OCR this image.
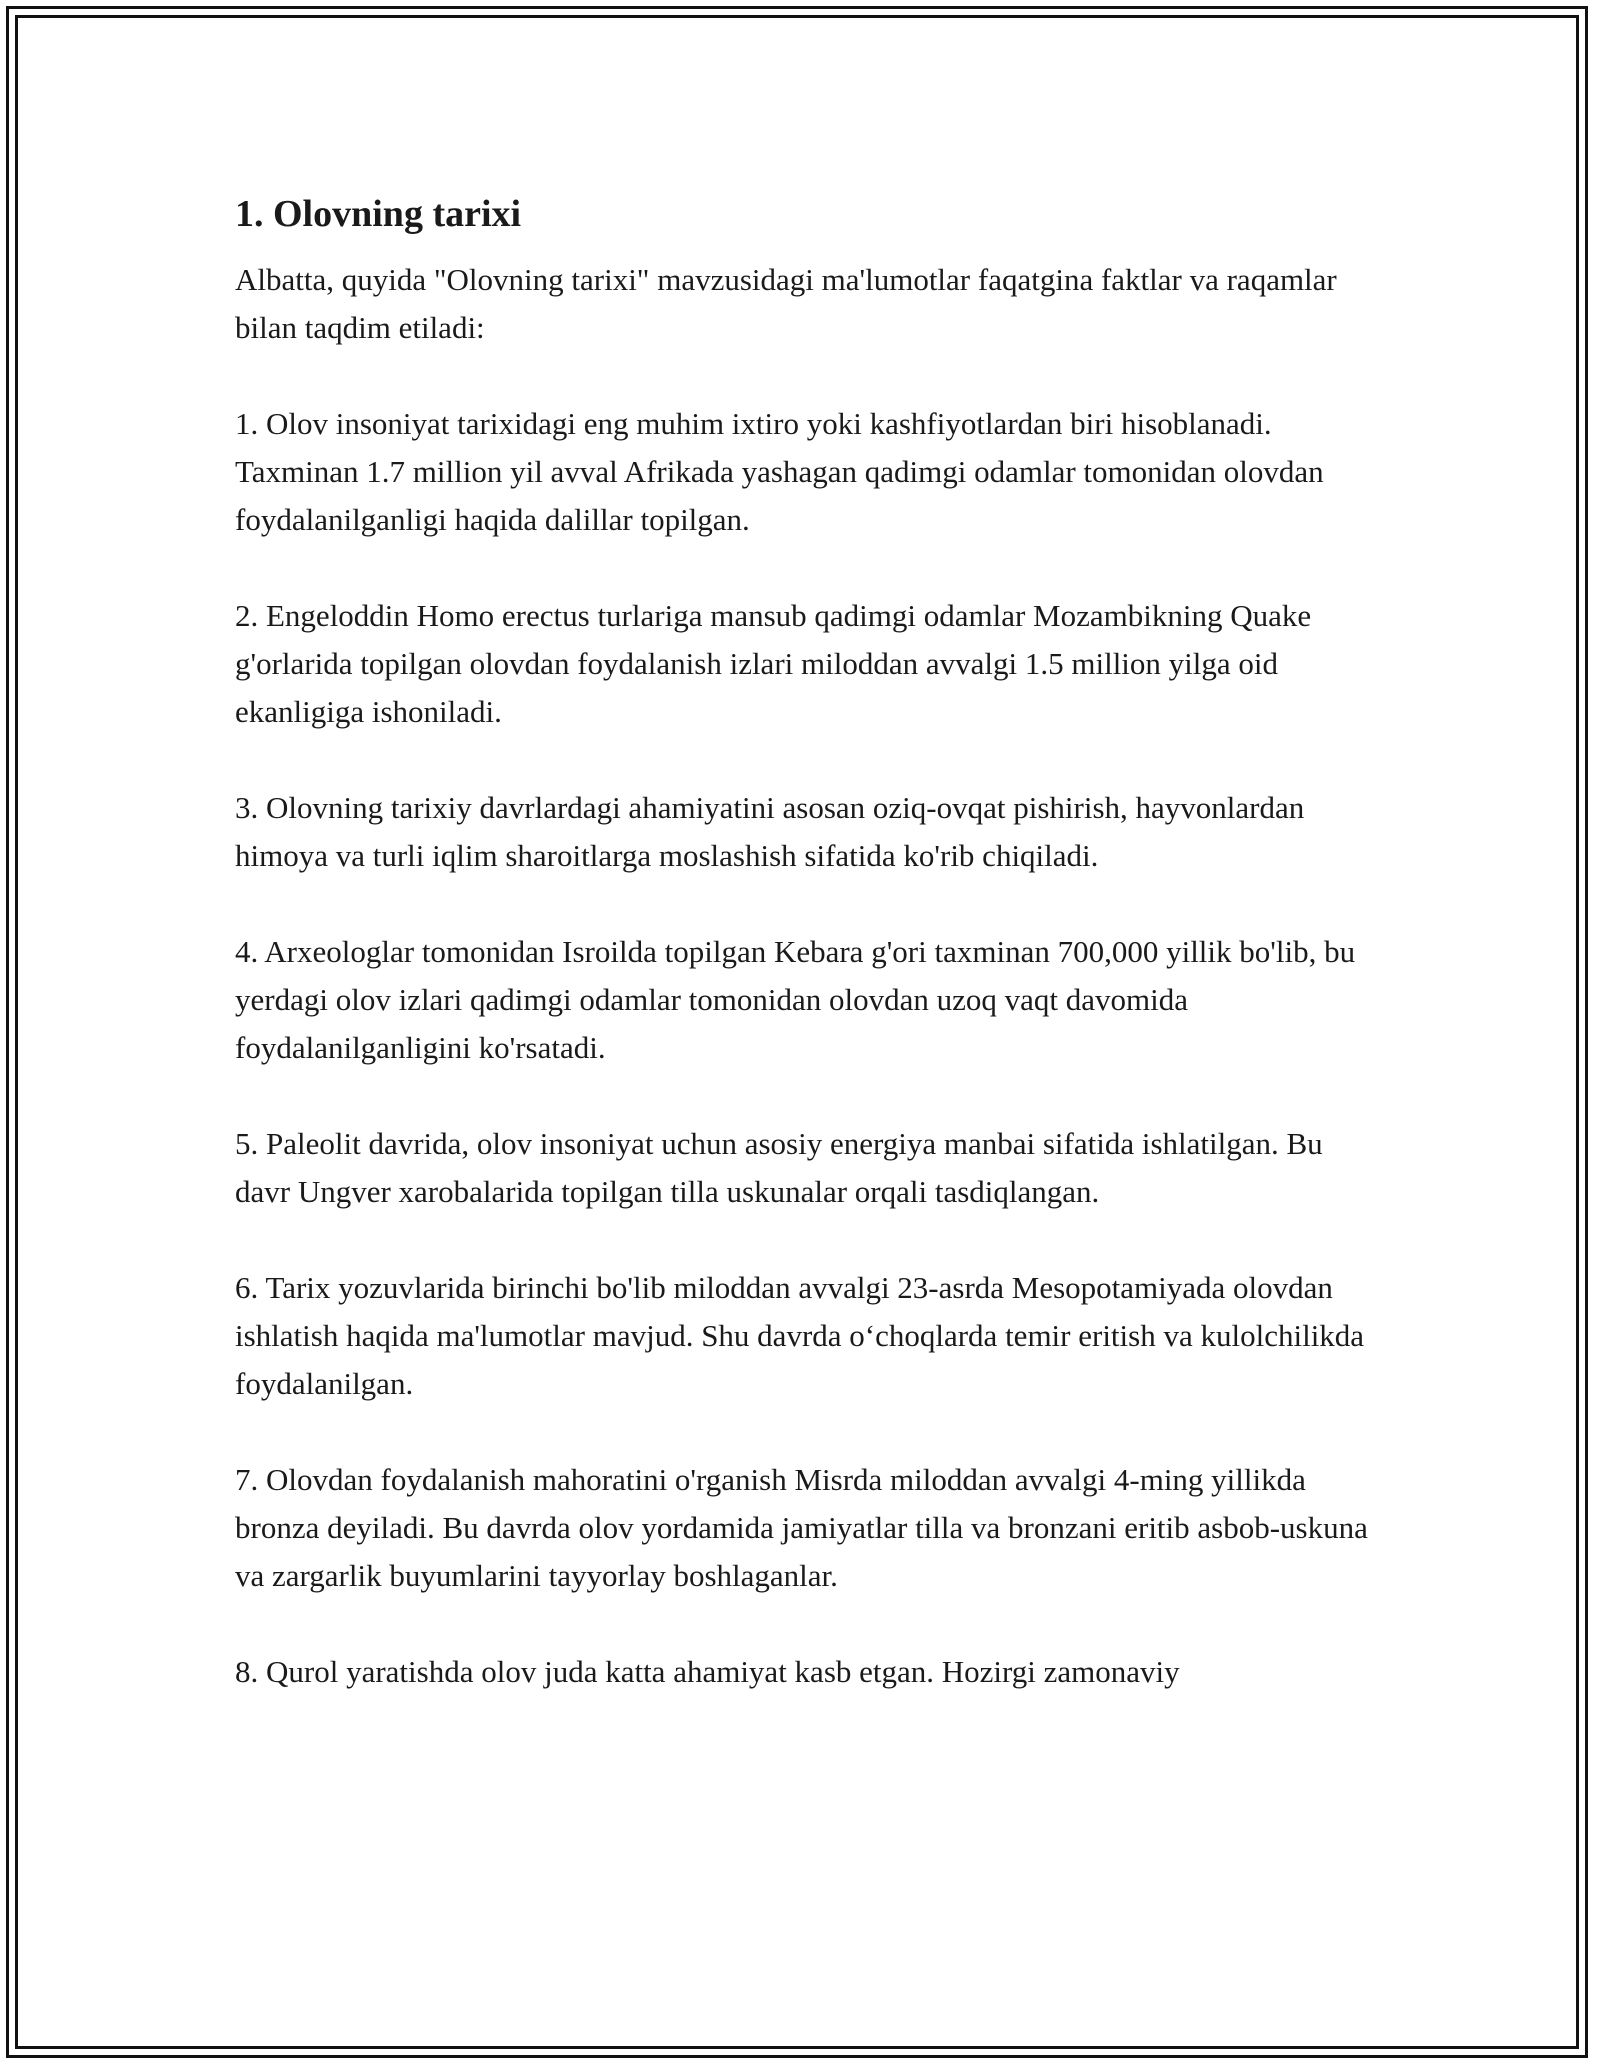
1. Olovning tarixi

Albatta, quyida "Olovning tarixi" mavzusidagi ma'lumotlar faqatgina faktlar va raqamlar bilan taqdim etiladi:

1. Olov insoniyat tarixidagi eng muhim ixtiro yoki kashfiyotlardan biri hisoblanadi. Taxminan 1.7 million yil avval Afrikada yashagan qadimgi odamlar tomonidan olovdan foydalanilganligi haqida dalillar topilgan.

2. Engeloddin Homo erectus turlariga mansub qadimgi odamlar Mozambikning Quake g'orlarida topilgan olovdan foydalanish izlari miloddan avvalgi 1.5 million yilga oid ekanligiga ishoniladi.

3. Olovning tarixiy davrlardagi ahamiyatini asosan oziq-ovqat pishirish, hayvonlardan himoya va turli iqlim sharoitlarga moslashish sifatida ko'rib chiqiladi.

4. Arxeologlar tomonidan Isroilda topilgan Kebara g'ori taxminan 700,000 yillik bo'lib, bu yerdagi olov izlari qadimgi odamlar tomonidan olovdan uzoq vaqt davomida foydalanilganligini ko'rsatadi.

5. Paleolit davrida, olov insoniyat uchun asosiy energiya manbai sifatida ishlatilgan. Bu davr Ungver xarobalarida topilgan tilla uskunalar orqali tasdiqlangan.

6. Tarix yozuvlarida birinchi bo'lib miloddan avvalgi 23-asrda Mesopotamiyada olovdan ishlatish haqida ma'lumotlar mavjud. Shu davrda oʻchoqlarda temir eritish va kulolchilikda foydalanilgan.

7. Olovdan foydalanish mahoratini o'rganish Misrda miloddan avvalgi 4-ming yillikda bronza deyiladi. Bu davrda olov yordamida jamiyatlar tilla va bronzani eritib asbob-uskuna va zargarlik buyumlarini tayyorlay boshlaganlar.

8. Qurol yaratishda olov juda katta ahamiyat kasb etgan. Hozirgi zamonaviy
